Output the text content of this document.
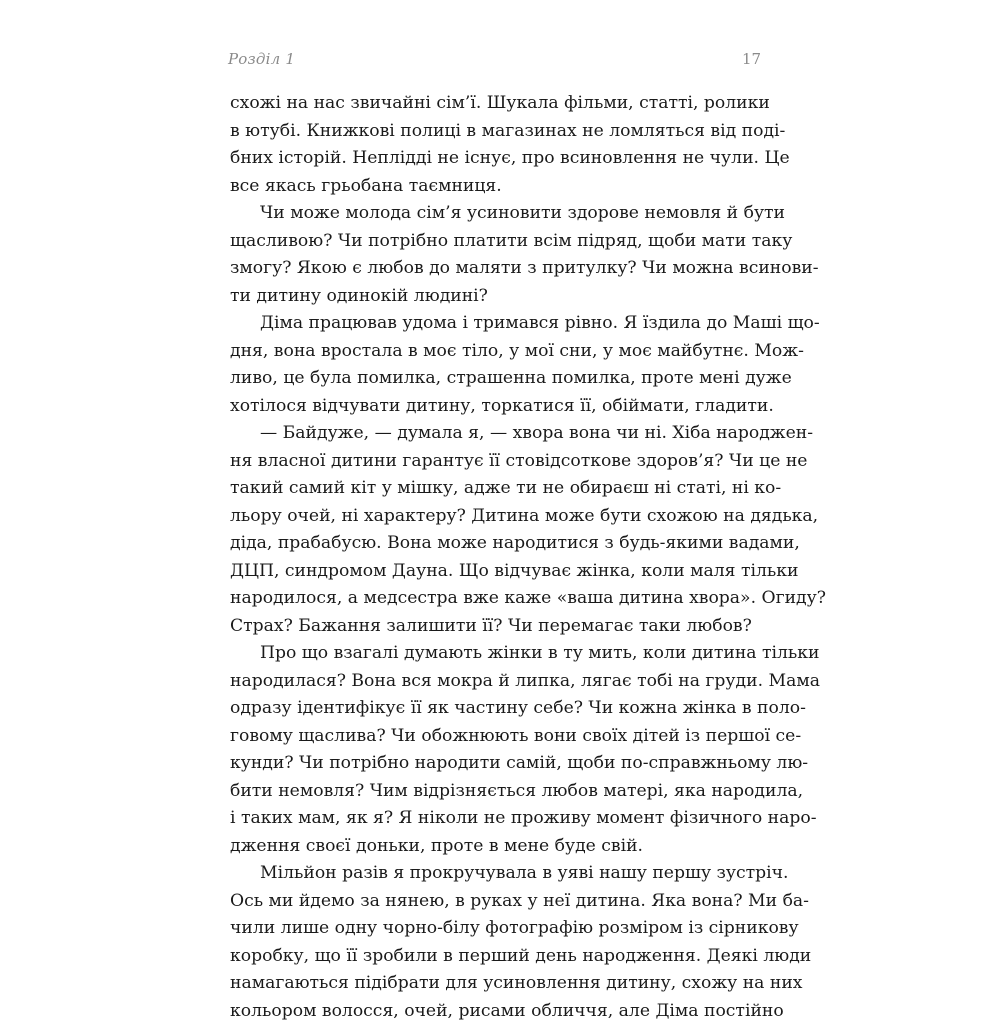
Розділ 1	17
схожі на нас звичайні сім’ї. Шукала фільми, статті, ролики
в ютубі. Книжкові полиці в магазинах не ломляться від поді-
бних історій. Неплідді не існує, про всиновлення не чули. Це
все якась грьобана таємниця.
Чи може молода сім’я усиновити здорове немовля й бути
щасливою? Чи потрібно платити всім підряд, щоби мати таку
змогу? Якою є любов до маляти з притулку? Чи можна всинови-
ти дитину одинокій людині?
Діма працював удома і тримався рівно. Я їздила до Маші що-
дня, вона вростала в моє тіло, у мої сни, у моє майбутнє. Мож-
ливо, це була помилка, страшенна помилка, проте мені дуже
хотілося відчувати дитину, торкатися її, обіймати, гладити.
— Байдуже, — думала я, — хвора вона чи ні. Хіба народжен-
ня власної дитини гарантує її стовідсоткове здоров’я? Чи це не
такий самий кіт у мішку, адже ти не обираєш ні статі, ні ко-
льору очей, ні характеру? Дитина може бути схожою на дядька,
діда, прабабусю. Вона може народитися з будь-якими вадами,
ДЦП, синдромом Дауна. Що відчуває жінка, коли маля тільки
народилося, а медсестра вже каже «ваша дитина хвора». Огиду?
Страх? Бажання залишити її? Чи перемагає таки любов?
Про що взагалі думають жінки в ту мить, коли дитина тільки
народилася? Вона вся мокра й липка, лягає тобі на груди. Мама
одразу ідентифікує її як частину себе? Чи кожна жінка в поло-
говому щаслива? Чи обожнюють вони своїх дітей із першої се-
кунди? Чи потрібно народити самій, щоби по-справжньому лю-
бити немовля? Чим відрізняється любов матері, яка народила,
і таких мам, як я? Я ніколи не проживу момент фізичного наро-
дження своєї доньки, проте в мене буде свій.
Мільйон разів я прокручувала в уяві нашу першу зустріч.
Ось ми йдемо за нянею, в руках у неї дитина. Яка вона? Ми ба-
чили лише одну чорно-білу фотографію розміром із сірникову
коробку, що її зробили в перший день народження. Деякі люди
намагаються підібрати для усиновлення дитину, схожу на них
кольором волосся, очей, рисами обличчя, але Діма постійно
